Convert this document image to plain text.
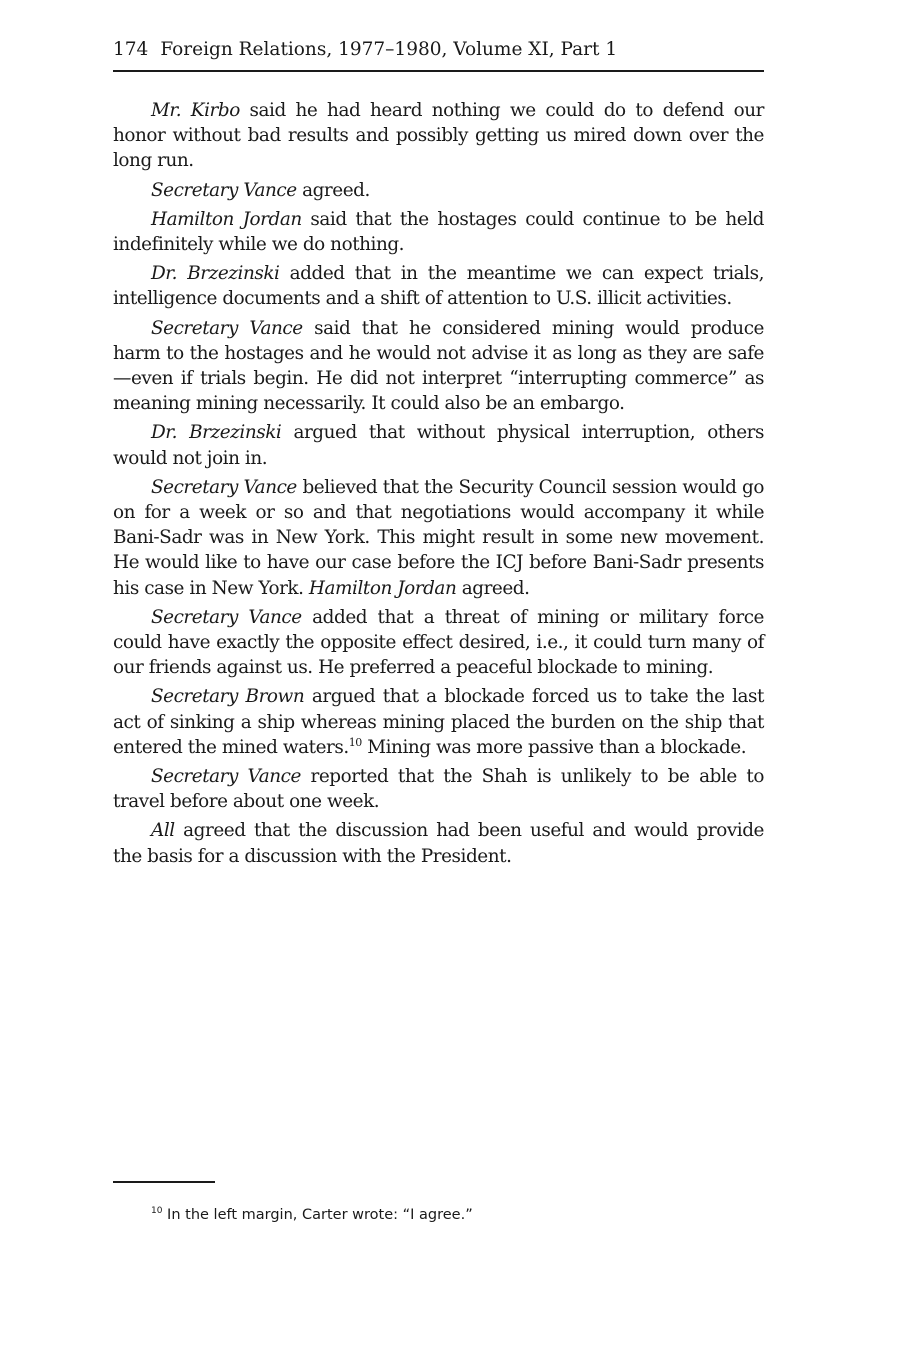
174 Foreign Relations, 1977–1980, Volume XI, Part 1

Mr. Kirbo said he had heard nothing we could do to defend our honor without bad results and possibly getting us mired down over the long run.

Secretary Vance agreed.

Hamilton Jordan said that the hostages could continue to be held indefinitely while we do nothing.

Dr. Brzezinski added that in the meantime we can expect trials, intelligence documents and a shift of attention to U.S. illicit activities.

Secretary Vance said that he considered mining would produce harm to the hostages and he would not advise it as long as they are safe—even if trials begin. He did not interpret “interrupting commerce” as meaning mining necessarily. It could also be an embargo.

Dr. Brzezinski argued that without physical interruption, others would not join in.

Secretary Vance believed that the Security Council session would go on for a week or so and that negotiations would accompany it while Bani-Sadr was in New York. This might result in some new movement. He would like to have our case before the ICJ before Bani-Sadr presents his case in New York. Hamilton Jordan agreed.

Secretary Vance added that a threat of mining or military force could have exactly the opposite effect desired, i.e., it could turn many of our friends against us. He preferred a peaceful blockade to mining.

Secretary Brown argued that a blockade forced us to take the last act of sinking a ship whereas mining placed the burden on the ship that entered the mined waters.$^{10}$ Mining was more passive than a blockade.

Secretary Vance reported that the Shah is unlikely to be able to travel before about one week.

All agreed that the discussion had been useful and would provide the basis for a discussion with the President.

$^{10}$ In the left margin, Carter wrote: “I agree.”
